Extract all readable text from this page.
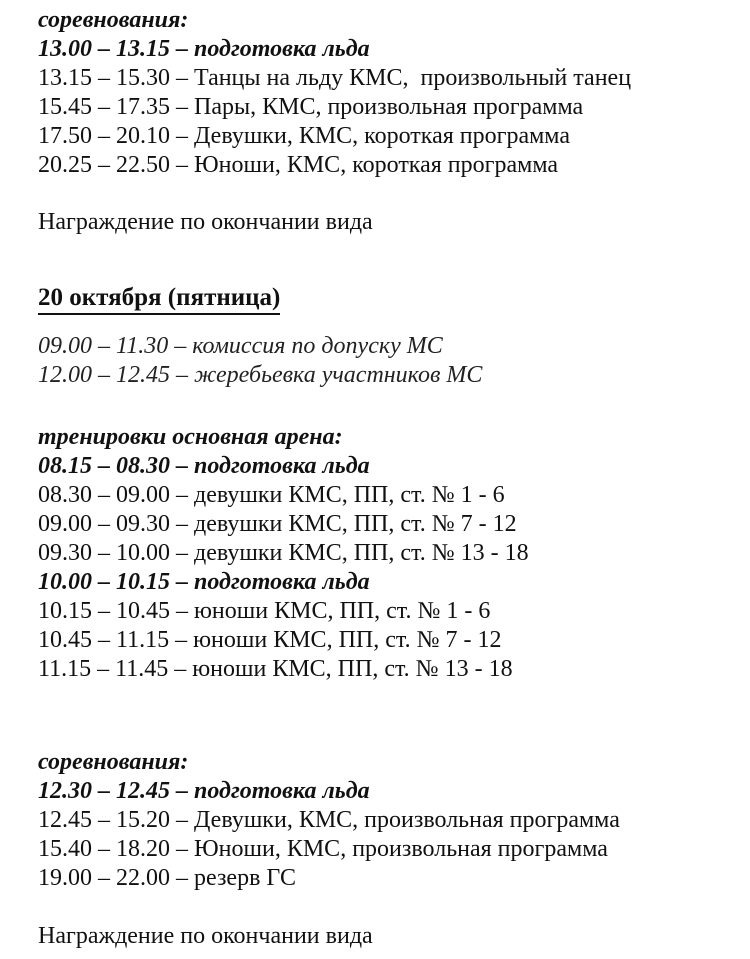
соревнования:
13.00 – 13.15 – подготовка льда
13.15 – 15.30 – Танцы на льду КМС,  произвольный танец
15.45 – 17.35 – Пары, КМС, произвольная программа
17.50 – 20.10 – Девушки, КМС, короткая программа
20.25 – 22.50 – Юноши, КМС, короткая программа
Награждение по окончании вида
20 октября (пятница)
09.00 – 11.30 – комиссия по допуску МС
12.00 – 12.45 – жеребьевка участников МС
тренировки основная арена:
08.15 – 08.30 – подготовка льда
08.30 – 09.00 – девушки КМС, ПП, ст. № 1 - 6
09.00 – 09.30 – девушки КМС, ПП, ст. № 7 - 12
09.30 – 10.00 – девушки КМС, ПП, ст. № 13 - 18
10.00 – 10.15 – подготовка льда
10.15 – 10.45 – юноши КМС, ПП, ст. № 1 - 6
10.45 – 11.15 – юноши КМС, ПП, ст. № 7 - 12
11.15 – 11.45 – юноши КМС, ПП, ст. № 13 - 18
соревнования:
12.30 – 12.45 – подготовка льда
12.45 – 15.20 – Девушки, КМС, произвольная программа
15.40 – 18.20 – Юноши, КМС, произвольная программа
19.00 – 22.00 – резерв ГС
Награждение по окончании вида
